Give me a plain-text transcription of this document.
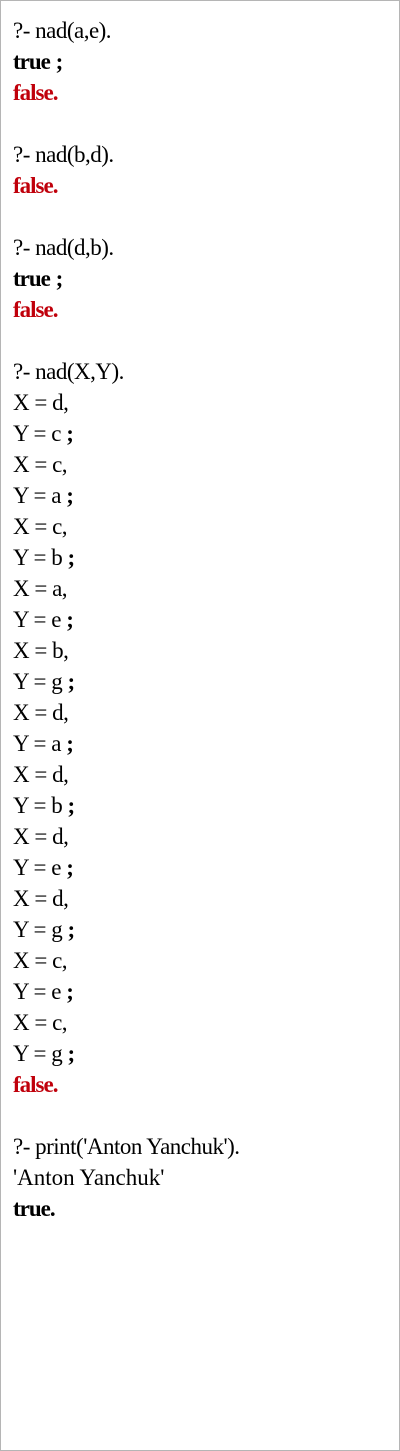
?- nad(a,e).
true ;
false.
?- nad(b,d).
false.
?- nad(d,b).
true ;
false.
?- nad(X,Y).
X = d,
Y = c ;
X = c,
Y = a ;
X = c,
Y = b ;
X = a,
Y = e ;
X = b,
Y = g ;
X = d,
Y = a ;
X = d,
Y = b ;
X = d,
Y = e ;
X = d,
Y = g ;
X = c,
Y = e ;
X = c,
Y = g ;
false.
?- print('Anton Yanchuk').
'Anton Yanchuk'
true.
